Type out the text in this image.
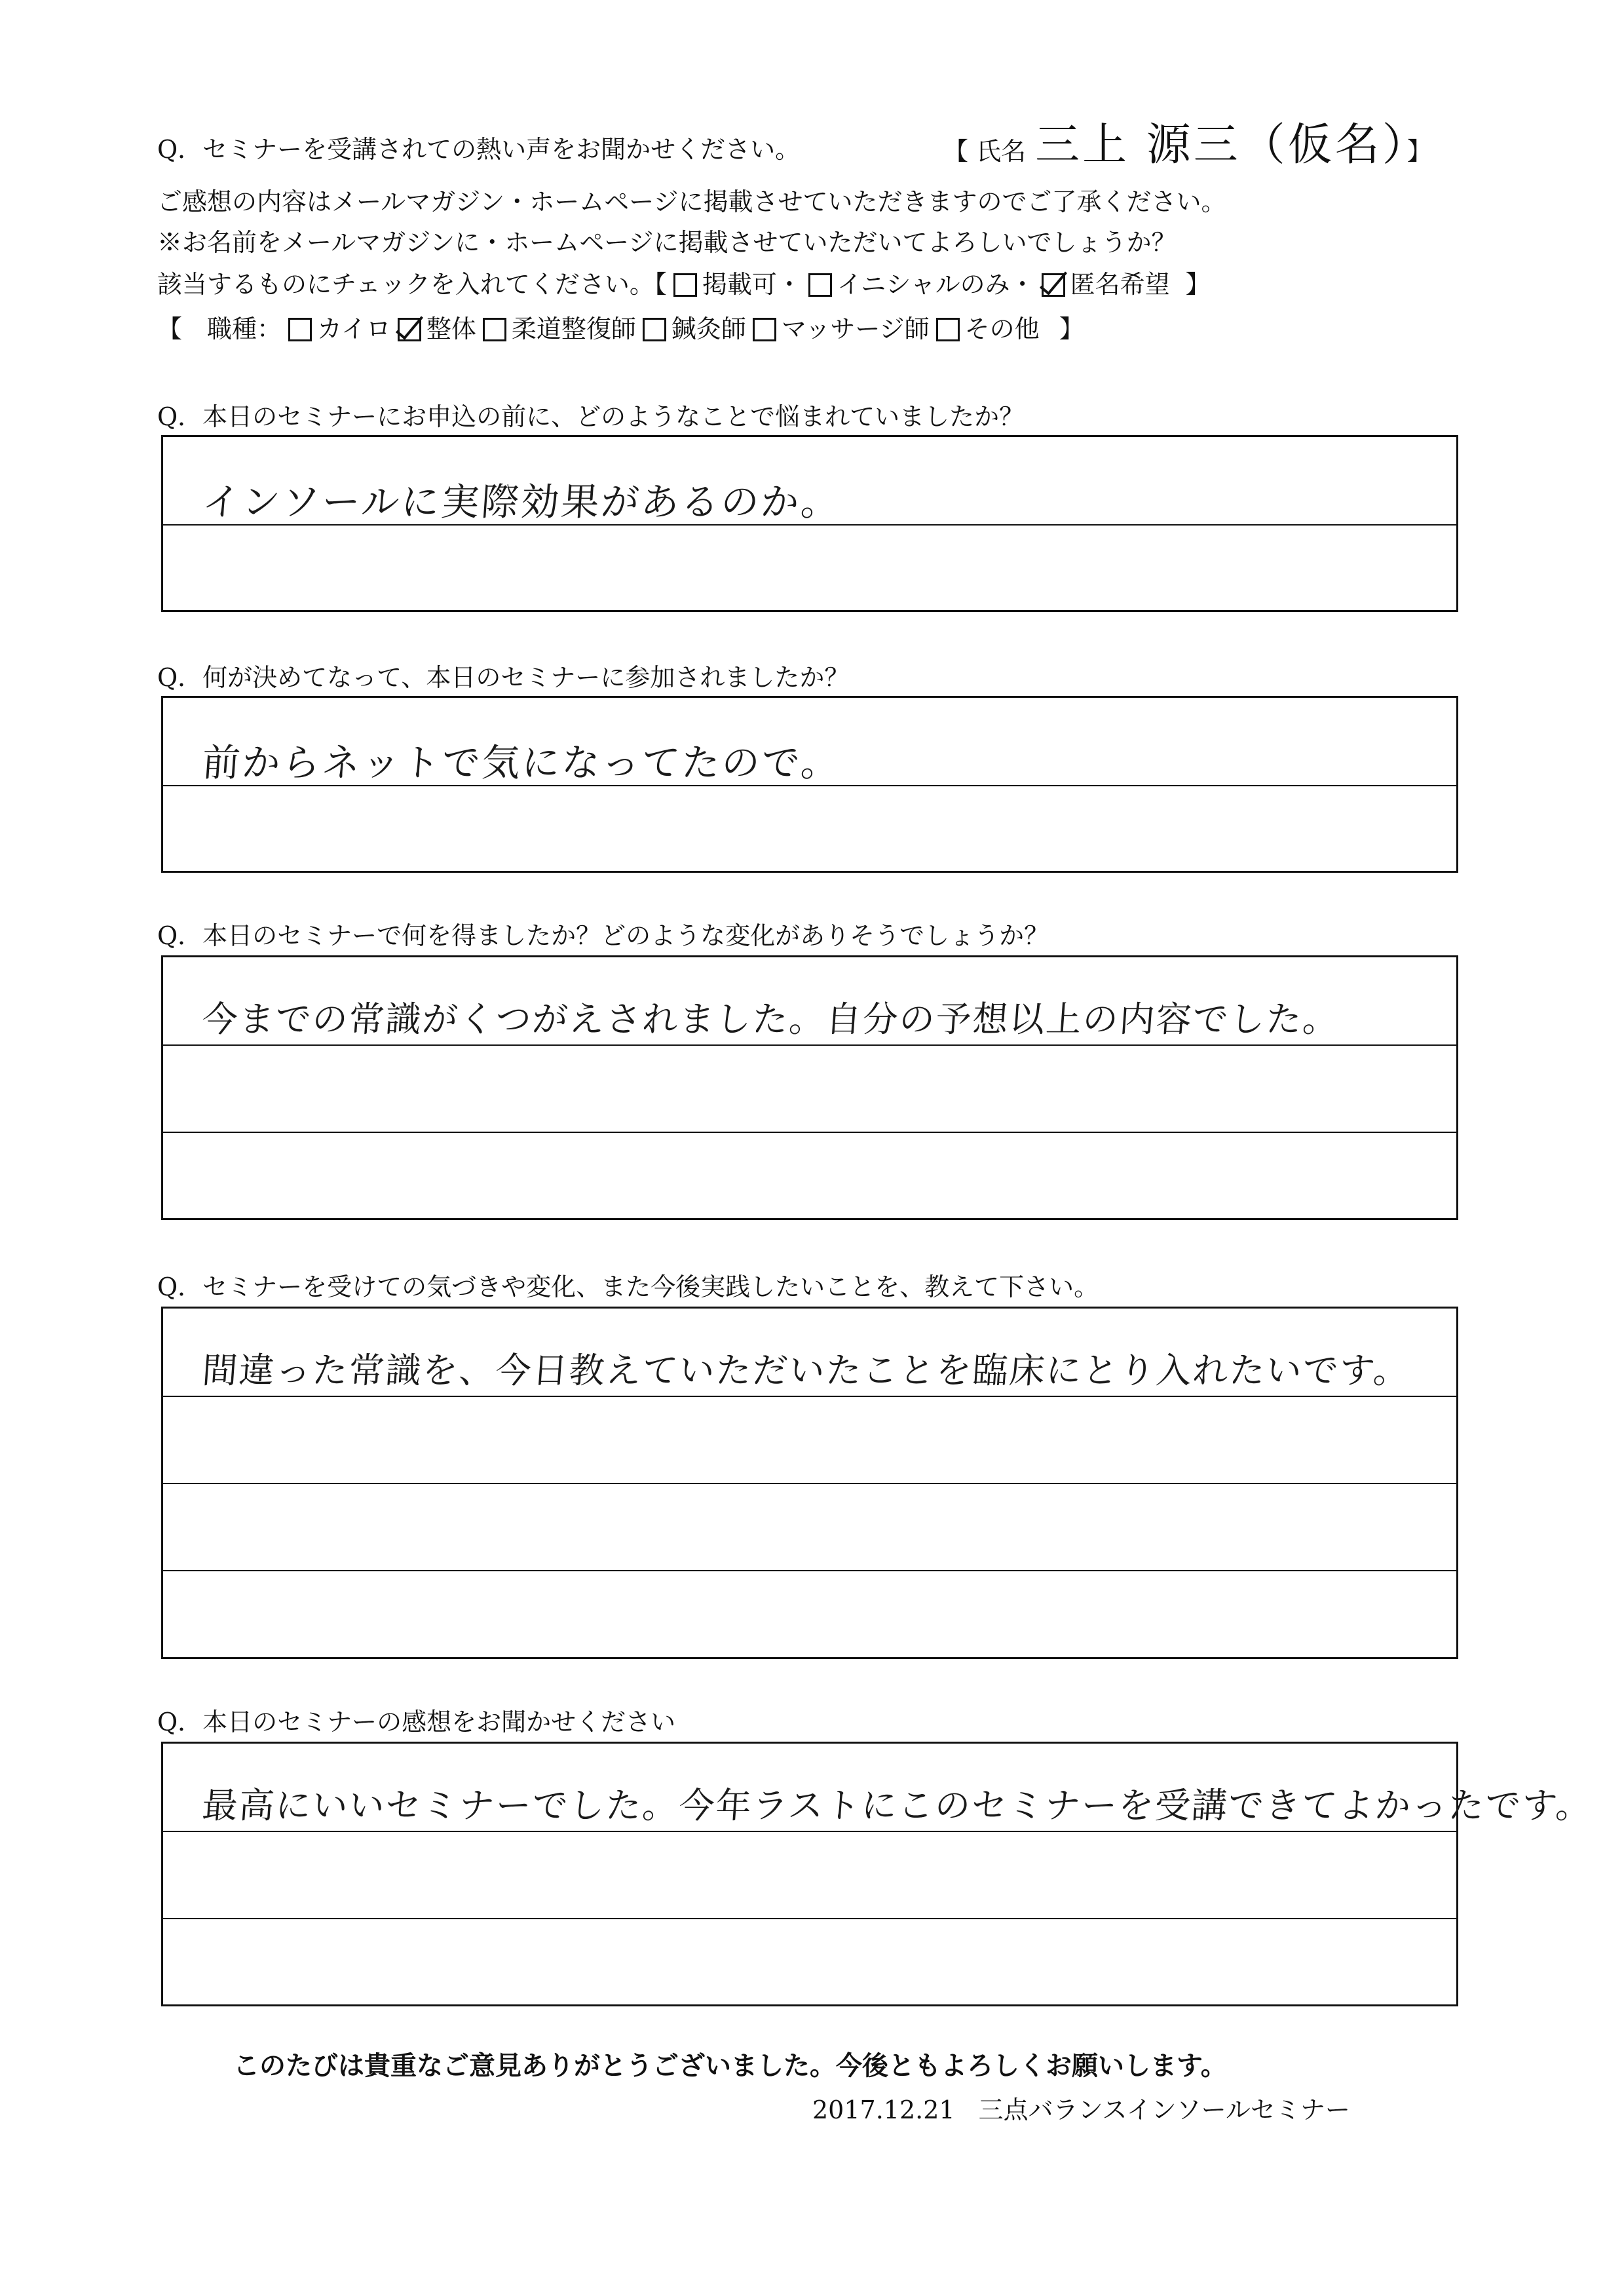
Q．セミナーを受講されての熱い声をお聞かせください。	【 氏名 三上 源三（仮名）】
ご感想の内容はメールマガジン・ホームページに掲載させていただきますのでご了承ください。
※お名前をメールマガジンに・ホームページに掲載させていただいてよろしいでしょうか？
該当するものにチェックを入れてください。【 掲載可・ イニシャルのみ・ 匿名希望 】
【　職種： カイロ 整体 柔道整復師 鍼灸師 マッサージ師 その他 】
Q．本日のセミナーにお申込の前に、どのようなことで悩まれていましたか？
インソールに実際効果があるのか。
Q．何が決めてなって、本日のセミナーに参加されましたか？
前からネットで気になってたので。
Q．本日のセミナーで何を得ましたか？どのような変化がありそうでしょうか？
今までの常識がくつがえされました。自分の予想以上の内容でした。
Q．セミナーを受けての気づきや変化、また今後実践したいことを、教えて下さい。
間違った常識を、今日教えていただいたことを臨床にとり入れたいです。
Q．本日のセミナーの感想をお聞かせください
最高にいいセミナーでした。今年ラストにこのセミナーを受講できてよかったです。
このたびは貴重なご意見ありがとうございました。今後ともよろしくお願いします。
2017.12.21 三点バランスインソールセミナー
